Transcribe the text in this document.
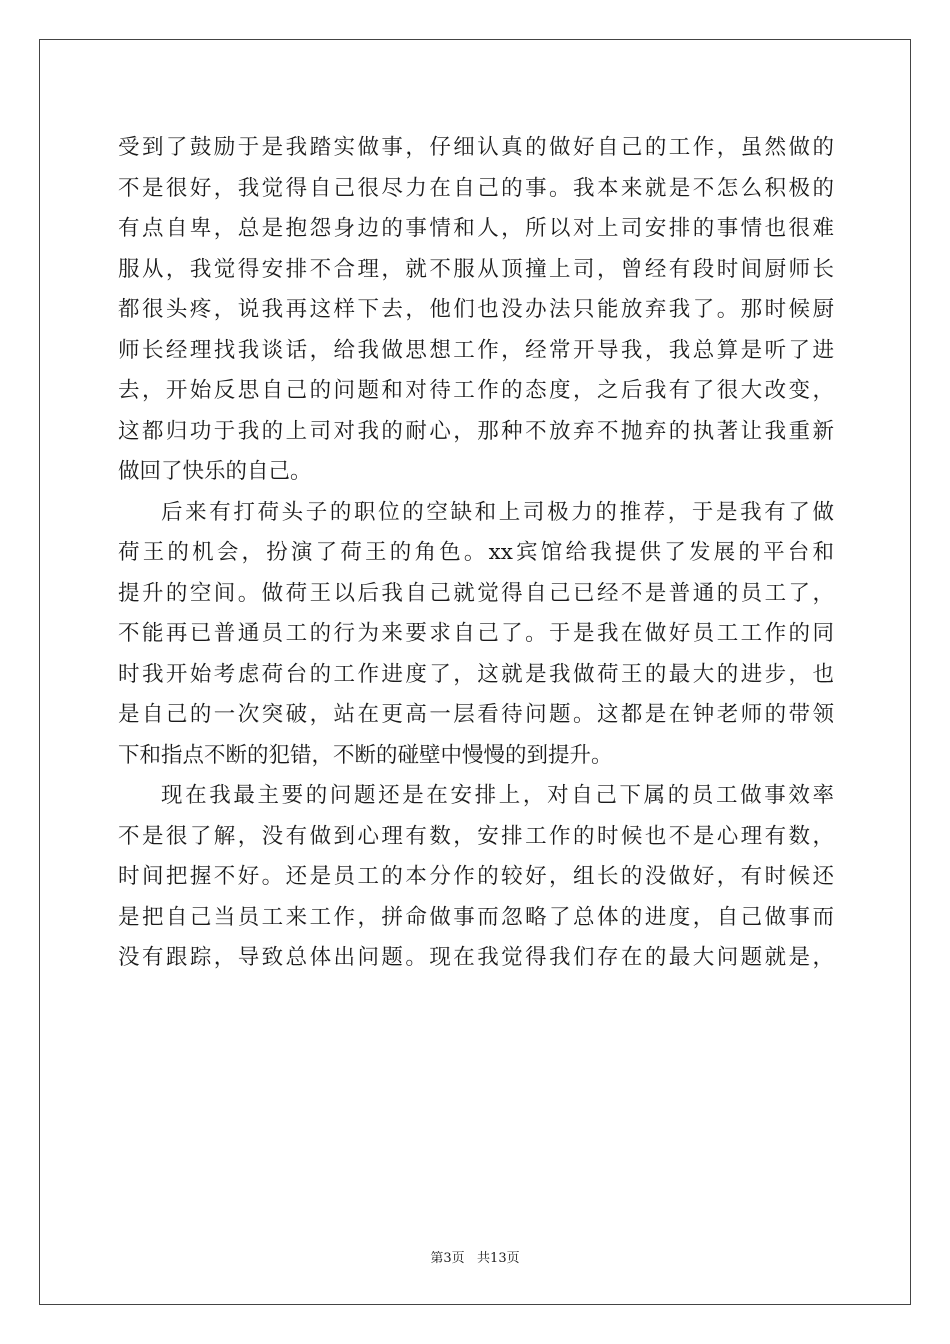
受到了鼓励于是我踏实做事，仔细认真的做好自己的工作，虽然做的
不是很好，我觉得自己很尽力在自己的事。我本来就是不怎么积极的
有点自卑，总是抱怨身边的事情和人，所以对上司安排的事情也很难
服从，我觉得安排不合理，就不服从顶撞上司，曾经有段时间厨师长
都很头疼，说我再这样下去，他们也没办法只能放弃我了。那时候厨
师长经理找我谈话，给我做思想工作，经常开导我，我总算是听了进
去，开始反思自己的问题和对待工作的态度，之后我有了很大改变，
这都归功于我的上司对我的耐心，那种不放弃不抛弃的执著让我重新
做回了快乐的自己。
后来有打荷头子的职位的空缺和上司极力的推荐，于是我有了做
荷王的机会，扮演了荷王的角色。xx宾馆给我提供了发展的平台和
提升的空间。做荷王以后我自己就觉得自己已经不是普通的员工了，
不能再已普通员工的行为来要求自己了。于是我在做好员工工作的同
时我开始考虑荷台的工作进度了，这就是我做荷王的最大的进步，也
是自己的一次突破，站在更高一层看待问题。这都是在钟老师的带领
下和指点不断的犯错，不断的碰壁中慢慢的到提升。
现在我最主要的问题还是在安排上，对自己下属的员工做事效率
不是很了解，没有做到心理有数，安排工作的时候也不是心理有数，
时间把握不好。还是员工的本分作的较好，组长的没做好，有时候还
是把自己当员工来工作，拼命做事而忽略了总体的进度，自己做事而
没有跟踪，导致总体出问题。现在我觉得我们存在的最大问题就是，
第3页   共13页
